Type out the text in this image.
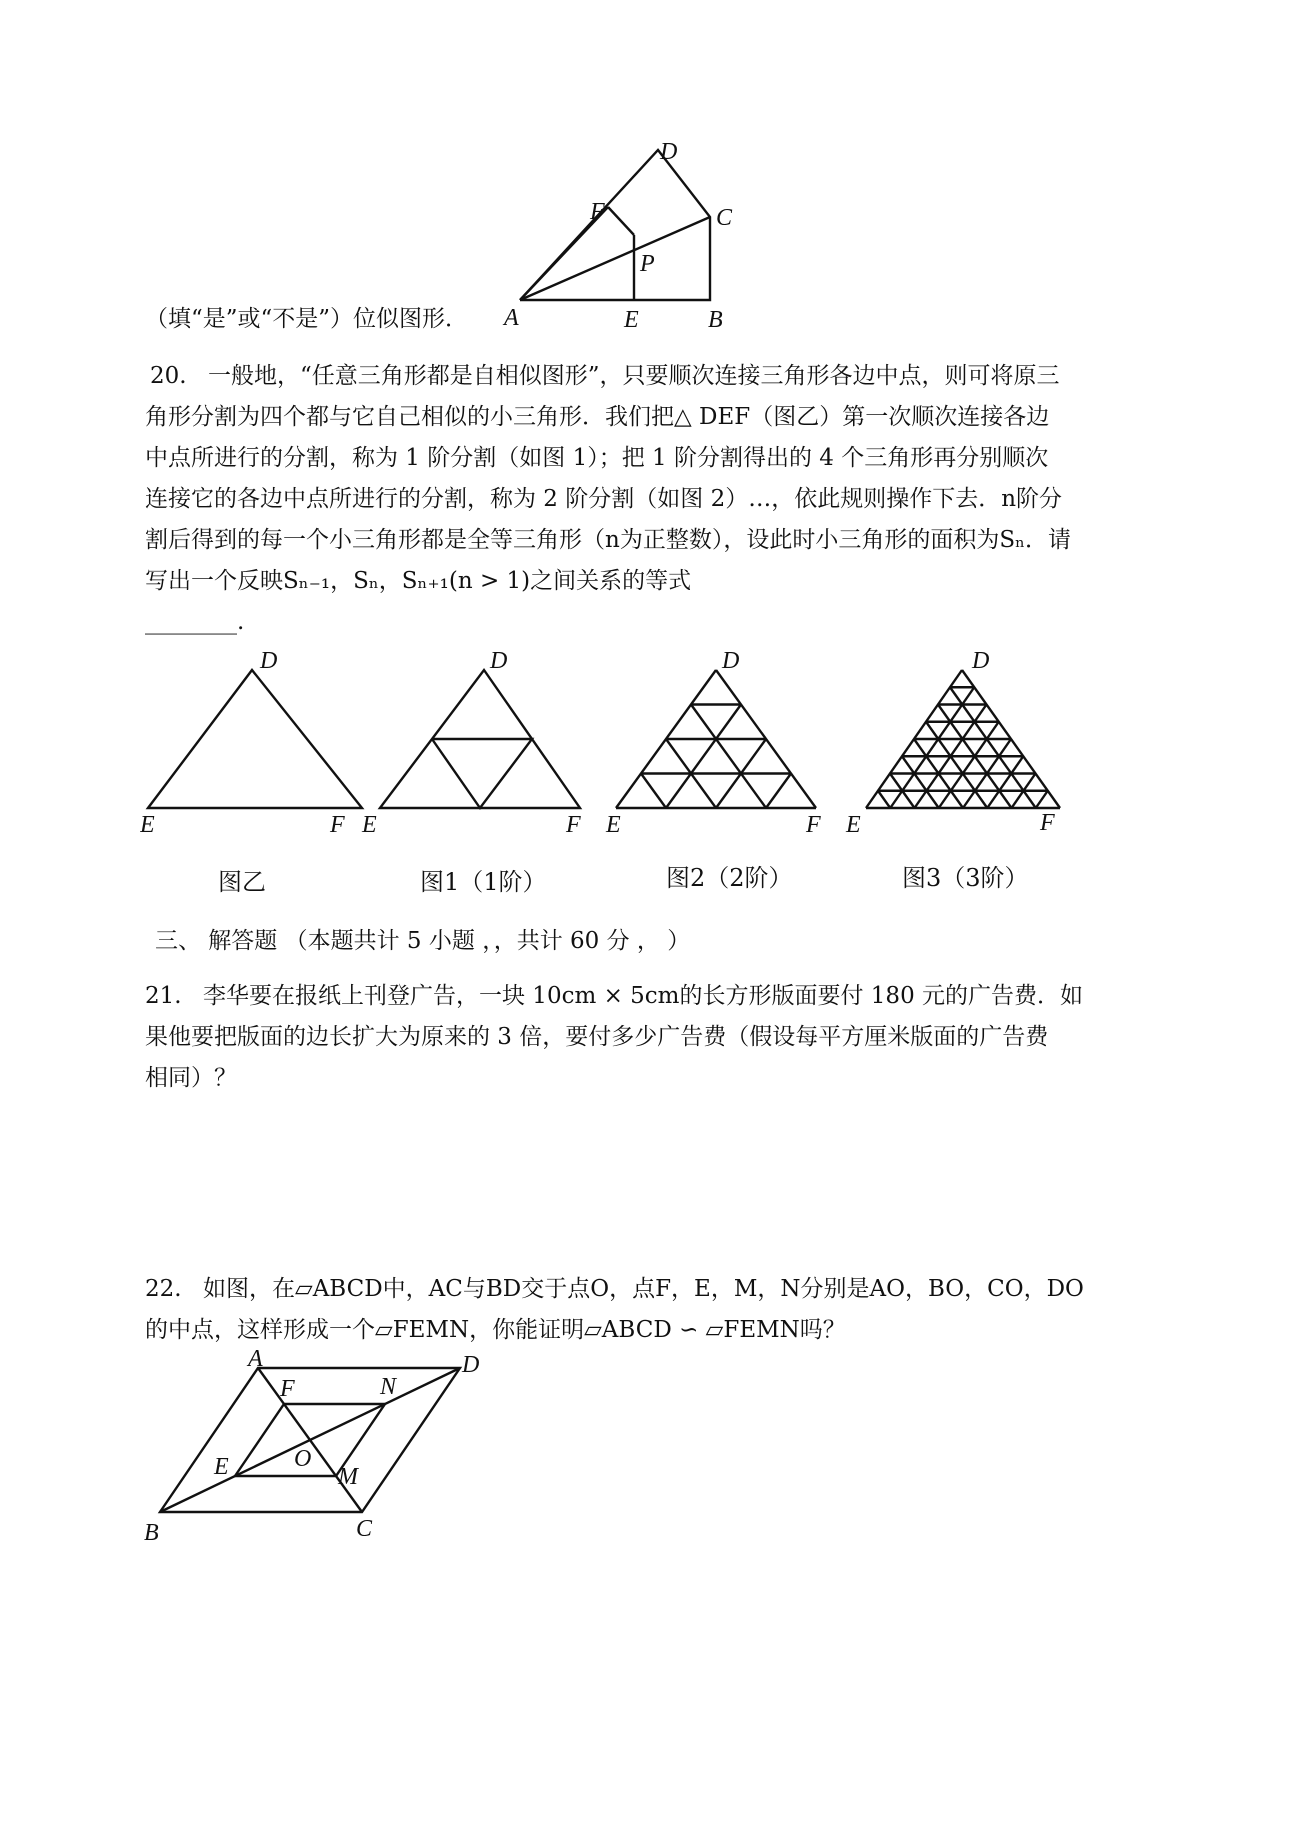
D
F	C
P
A	E	B
（填“是”或“不是”）位似图形．
20. 一般地，“任意三角形都是自相似图形”，只要顺次连接三角形各边中点，则可将原三
角形分割为四个都与它自己相似的小三角形．我们把△ DEF（图乙）第一次顺次连接各边
中点所进行的分割，称为 1 阶分割（如图 1）；把 1 阶分割得出的 4 个三角形再分别顺次
连接它的各边中点所进行的分割，称为 2 阶分割（如图 2）…，依此规则操作下去．n阶分
割后得到的每一个小三角形都是全等三角形（n为正整数），设此时小三角形的面积为Sₙ．请
写出一个反映Sₙ₋₁，Sₙ，Sₙ₊₁(n > 1)之间关系的等式
________.
D
E	F
D
E	F
D
E	F
D
E	F
图乙	图1（1阶）	图2（2阶）	图3（3阶）
三、 解答题 （本题共计 5 小题 ，，共计 60 分 ， ）
21. 李华要在报纸上刊登广告，一块 10cm × 5cm的长方形版面要付 180 元的广告费．如
果他要把版面的边长扩大为原来的 3 倍，要付多少广告费（假设每平方厘米版面的广告费
相同）？
22. 如图，在▱ABCD中，AC与BD交于点O，点F，E，M，N分别是AO，BO，CO，DO
的中点，这样形成一个▱FEMN，你能证明▱ABCD ∽ ▱FEMN吗？
A	D
F	N
E	O
M
B	C
